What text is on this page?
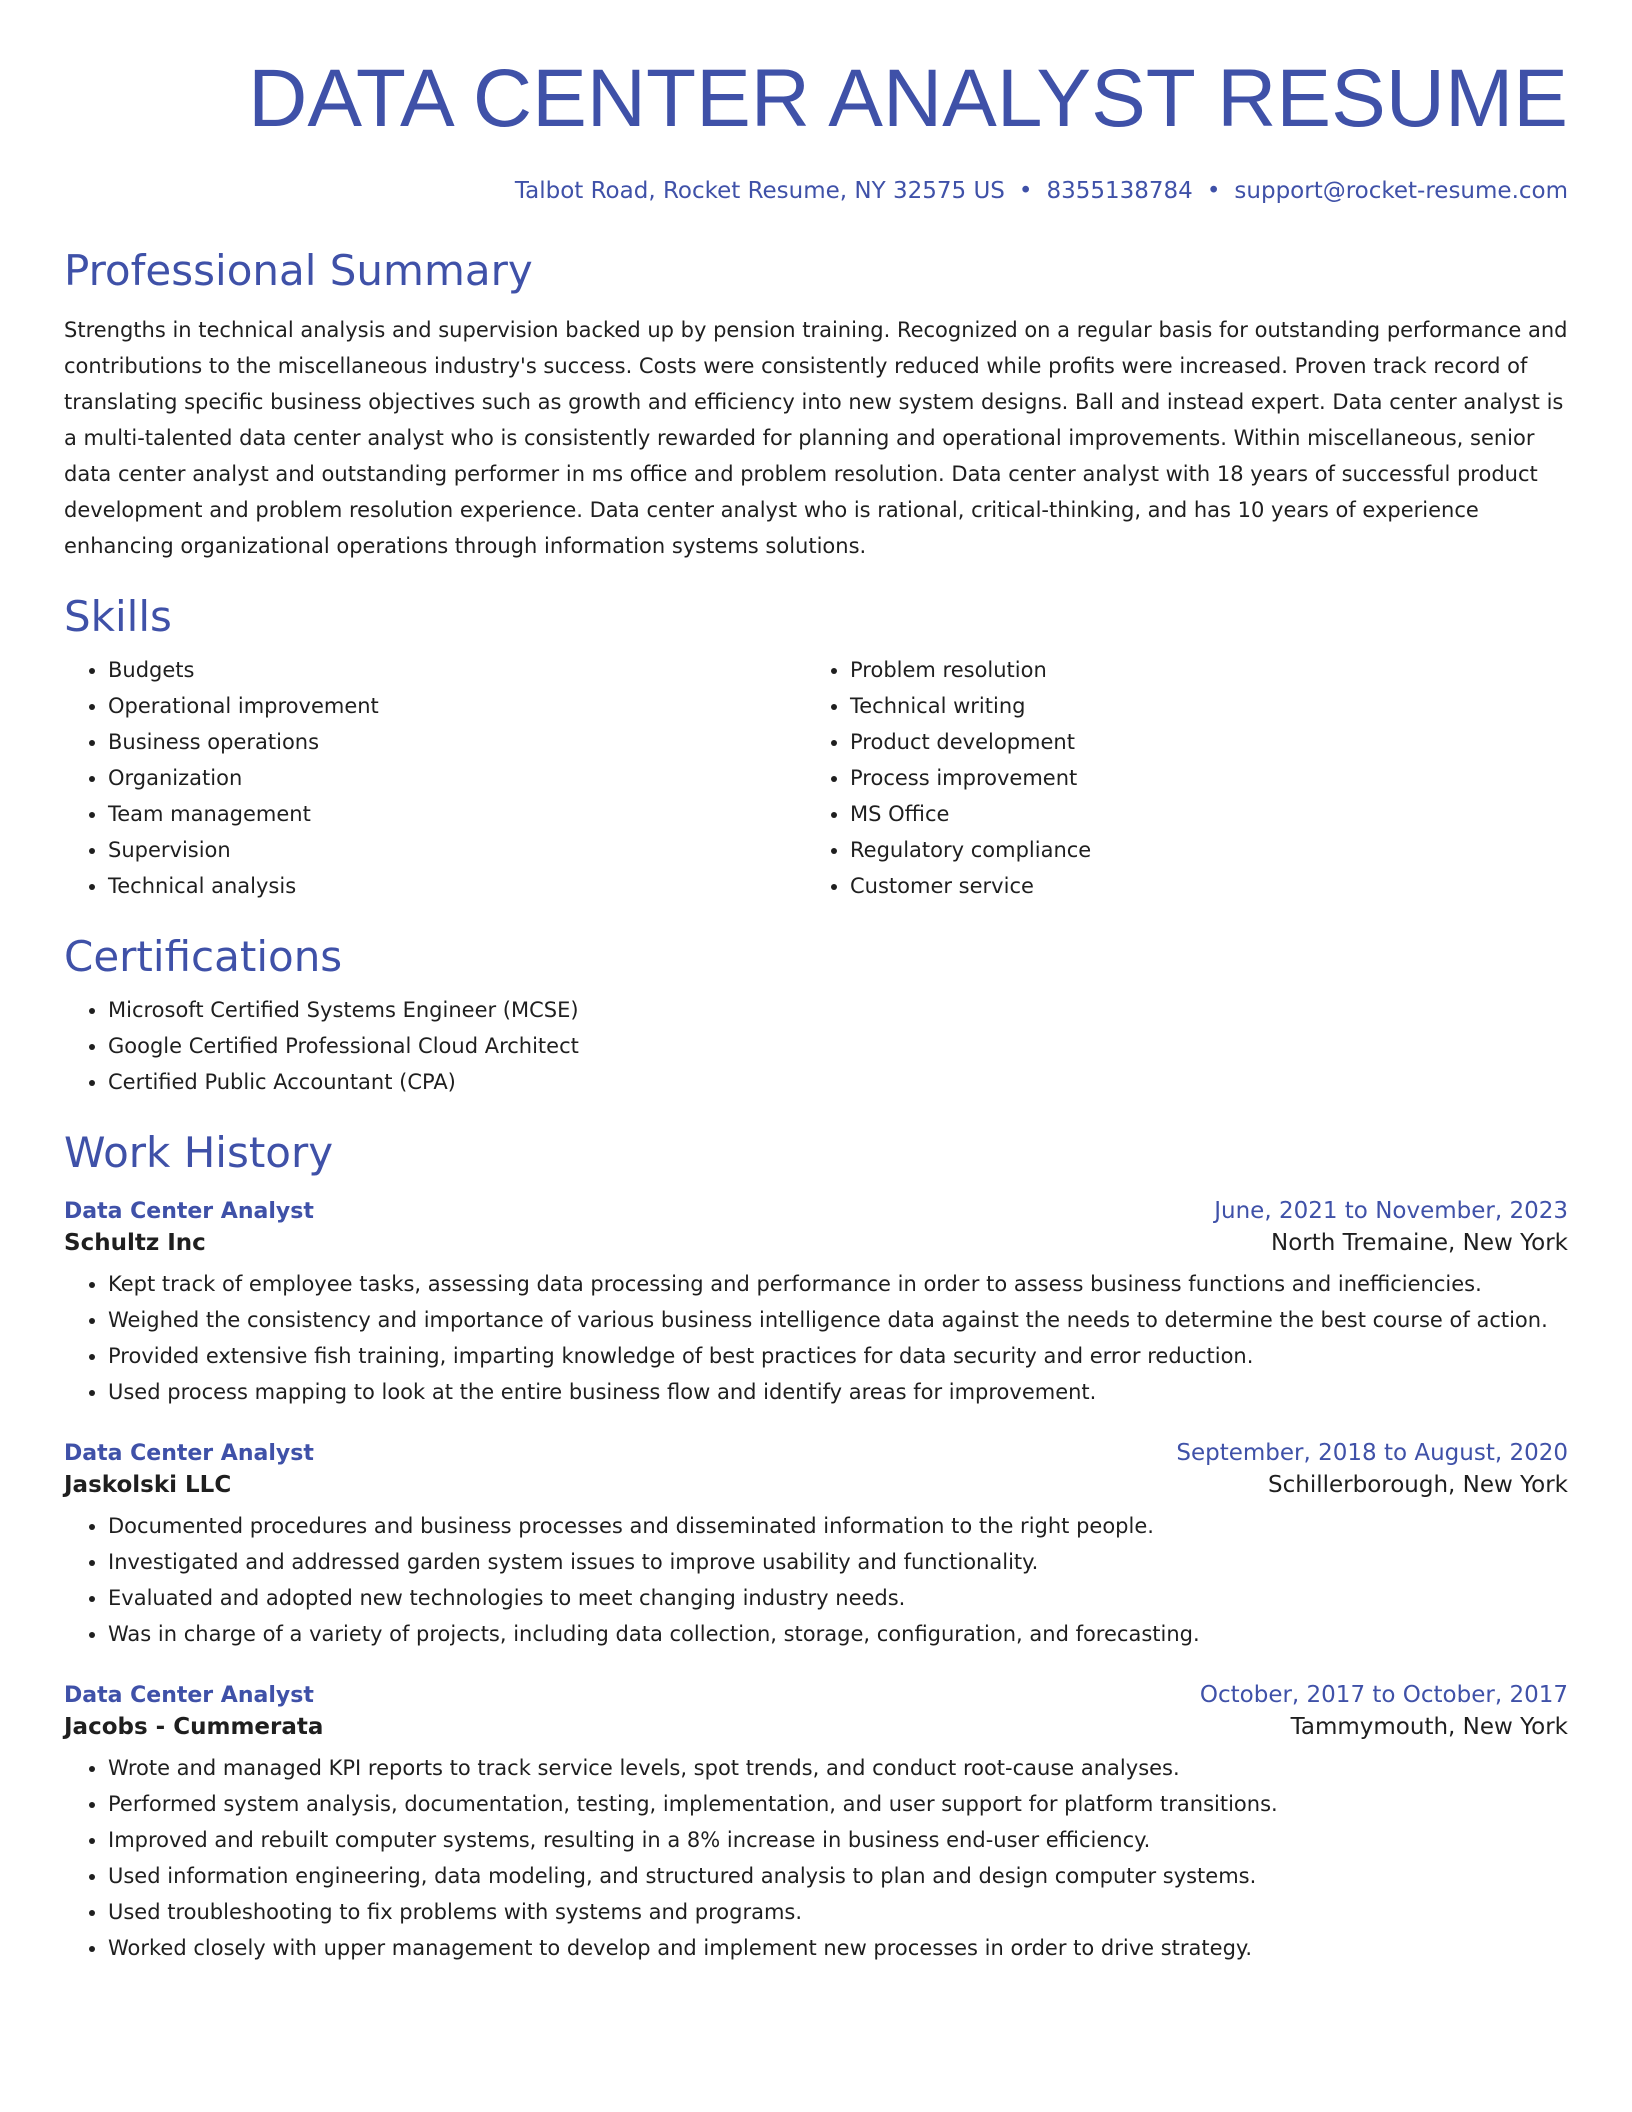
DATA CENTER ANALYST RESUME
Talbot Road, Rocket Resume, NY 32575 US • 8355138784 • support@rocket-resume.com
Professional Summary
Strengths in technical analysis and supervision backed up by pension training. Recognized on a regular basis for outstanding performance and contributions to the miscellaneous industry's success. Costs were consistently reduced while profits were increased. Proven track record of translating specific business objectives such as growth and efficiency into new system designs. Ball and instead expert. Data center analyst is a multi-talented data center analyst who is consistently rewarded for planning and operational improvements. Within miscellaneous, senior data center analyst and outstanding performer in ms office and problem resolution. Data center analyst with 18 years of successful product development and problem resolution experience. Data center analyst who is rational, critical-thinking, and has 10 years of experience enhancing organizational operations through information systems solutions.
Skills
• Budgets
• Operational improvement
• Business operations
• Organization
• Team management
• Supervision
• Technical analysis
• Problem resolution
• Technical writing
• Product development
• Process improvement
• MS Office
• Regulatory compliance
• Customer service
Certifications
• Microsoft Certified Systems Engineer (MCSE)
• Google Certified Professional Cloud Architect
• Certified Public Accountant (CPA)
Work History
Data Center Analyst	June, 2021 to November, 2023
Schultz Inc	North Tremaine, New York
• Kept track of employee tasks, assessing data processing and performance in order to assess business functions and inefficiencies.
• Weighed the consistency and importance of various business intelligence data against the needs to determine the best course of action.
• Provided extensive fish training, imparting knowledge of best practices for data security and error reduction.
• Used process mapping to look at the entire business flow and identify areas for improvement.
Data Center Analyst	September, 2018 to August, 2020
Jaskolski LLC	Schillerborough, New York
• Documented procedures and business processes and disseminated information to the right people.
• Investigated and addressed garden system issues to improve usability and functionality.
• Evaluated and adopted new technologies to meet changing industry needs.
• Was in charge of a variety of projects, including data collection, storage, configuration, and forecasting.
Data Center Analyst	October, 2017 to October, 2017
Jacobs - Cummerata	Tammymouth, New York
• Wrote and managed KPI reports to track service levels, spot trends, and conduct root-cause analyses.
• Performed system analysis, documentation, testing, implementation, and user support for platform transitions.
• Improved and rebuilt computer systems, resulting in a 8% increase in business end-user efficiency.
• Used information engineering, data modeling, and structured analysis to plan and design computer systems.
• Used troubleshooting to fix problems with systems and programs.
• Worked closely with upper management to develop and implement new processes in order to drive strategy.
